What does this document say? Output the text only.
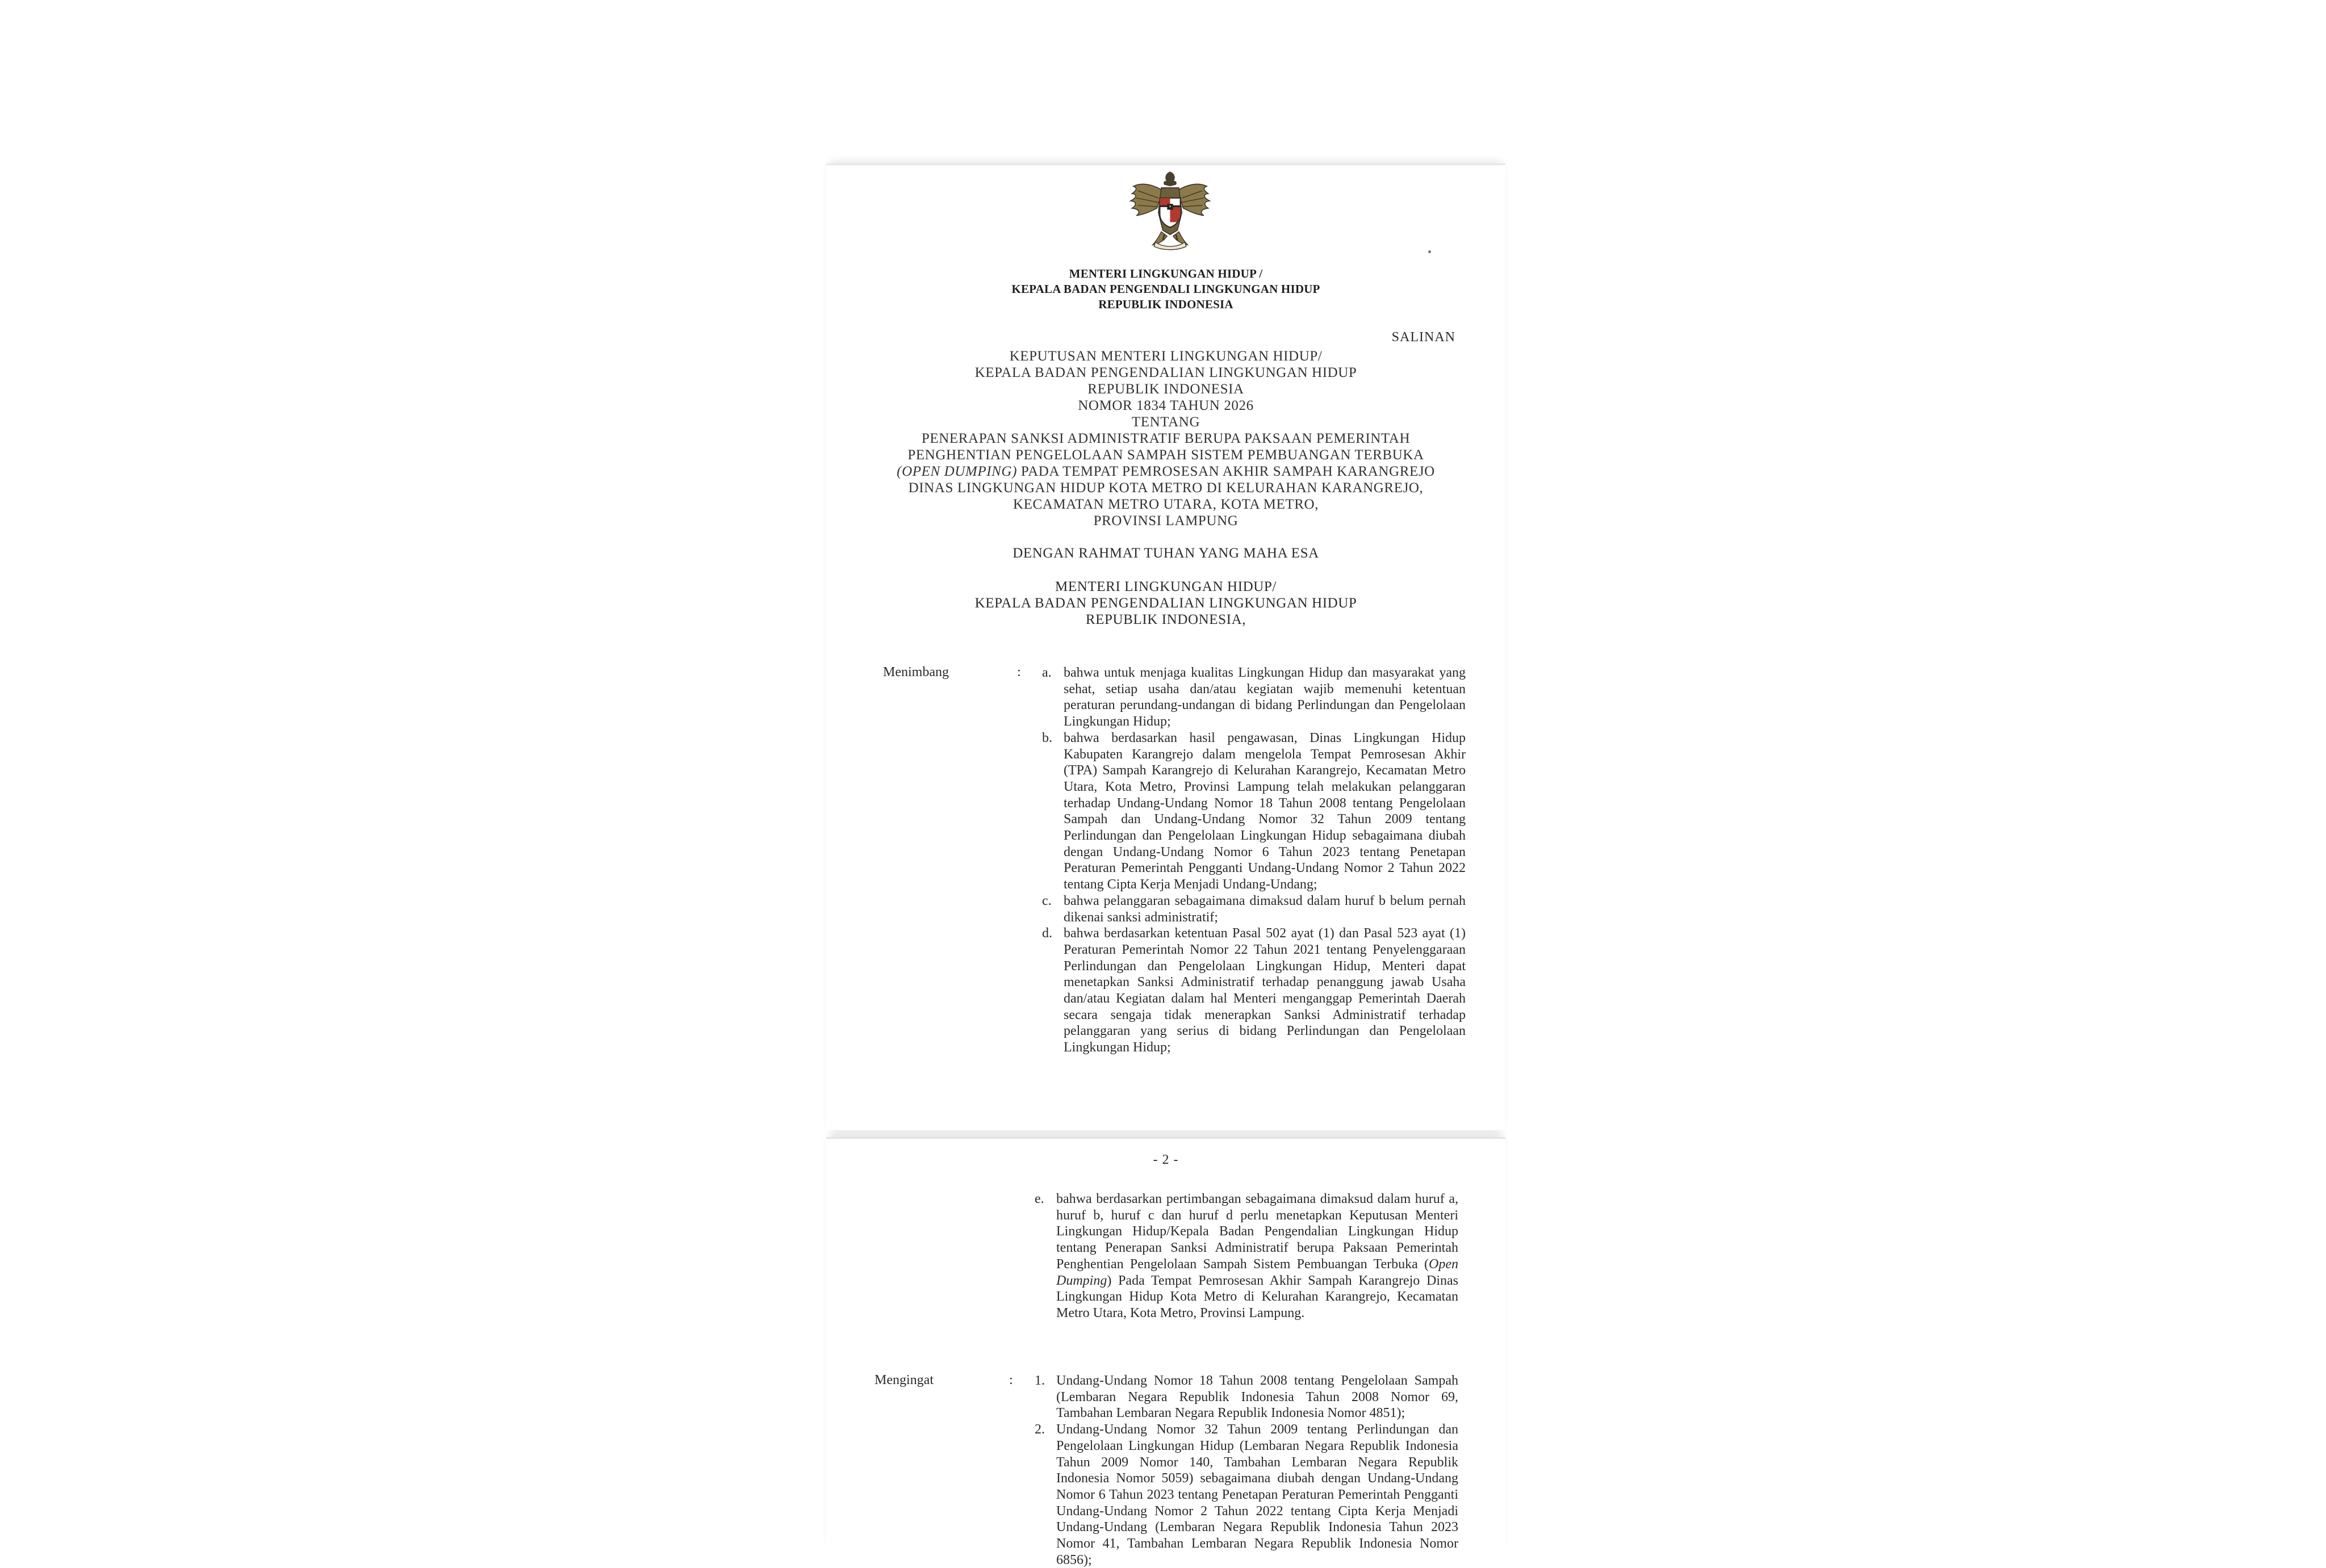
MENTERI LINGKUNGAN HIDUP /
KEPALA BADAN PENGENDALI LINGKUNGAN HIDUP
REPUBLIK INDONESIA
SALINAN
KEPUTUSAN MENTERI LINGKUNGAN HIDUP/
KEPALA BADAN PENGENDALIAN LINGKUNGAN HIDUP
REPUBLIK INDONESIA
NOMOR 1834 TAHUN 2026
TENTANG
PENERAPAN SANKSI ADMINISTRATIF BERUPA PAKSAAN PEMERINTAH
PENGHENTIAN PENGELOLAAN SAMPAH SISTEM PEMBUANGAN TERBUKA
(OPEN DUMPING) PADA TEMPAT PEMROSESAN AKHIR SAMPAH KARANGREJO
DINAS LINGKUNGAN HIDUP KOTA METRO DI KELURAHAN KARANGREJO,
KECAMATAN METRO UTARA, KOTA METRO,
PROVINSI LAMPUNG
DENGAN RAHMAT TUHAN YANG MAHA ESA
MENTERI LINGKUNGAN HIDUP/
KEPALA BADAN PENGENDALIAN LINGKUNGAN HIDUP
REPUBLIK INDONESIA,
Menimbang	: a. bahwa untuk menjaga kualitas Lingkungan Hidup dan masyarakat yang sehat, setiap usaha dan/atau kegiatan wajib memenuhi ketentuan peraturan perundang-undangan di bidang Perlindungan dan Pengelolaan Lingkungan Hidup;
b. bahwa berdasarkan hasil pengawasan, Dinas Lingkungan Hidup Kabupaten Karangrejo dalam mengelola Tempat Pemrosesan Akhir (TPA) Sampah Karangrejo di Kelurahan Karangrejo, Kecamatan Metro Utara, Kota Metro, Provinsi Lampung telah melakukan pelanggaran terhadap Undang-Undang Nomor 18 Tahun 2008 tentang Pengelolaan Sampah dan Undang-Undang Nomor 32 Tahun 2009 tentang Perlindungan dan Pengelolaan Lingkungan Hidup sebagaimana diubah dengan Undang-Undang Nomor 6 Tahun 2023 tentang Penetapan Peraturan Pemerintah Pengganti Undang-Undang Nomor 2 Tahun 2022 tentang Cipta Kerja Menjadi Undang-Undang;
c. bahwa pelanggaran sebagaimana dimaksud dalam huruf b belum pernah dikenai sanksi administratif;
d. bahwa berdasarkan ketentuan Pasal 502 ayat (1) dan Pasal 523 ayat (1) Peraturan Pemerintah Nomor 22 Tahun 2021 tentang Penyelenggaraan Perlindungan dan Pengelolaan Lingkungan Hidup, Menteri dapat menetapkan Sanksi Administratif terhadap penanggung jawab Usaha dan/atau Kegiatan dalam hal Menteri menganggap Pemerintah Daerah secara sengaja tidak menerapkan Sanksi Administratif terhadap pelanggaran yang serius di bidang Perlindungan dan Pengelolaan Lingkungan Hidup;
- 2 -
e. bahwa berdasarkan pertimbangan sebagaimana dimaksud dalam huruf a, huruf b, huruf c dan huruf d perlu menetapkan Keputusan Menteri Lingkungan Hidup/Kepala Badan Pengendalian Lingkungan Hidup tentang Penerapan Sanksi Administratif berupa Paksaan Pemerintah Penghentian Pengelolaan Sampah Sistem Pembuangan Terbuka (Open Dumping) Pada Tempat Pemrosesan Akhir Sampah Karangrejo Dinas Lingkungan Hidup Kota Metro di Kelurahan Karangrejo, Kecamatan Metro Utara, Kota Metro, Provinsi Lampung.
Mengingat	: 1. Undang-Undang Nomor 18 Tahun 2008 tentang Pengelolaan Sampah (Lembaran Negara Republik Indonesia Tahun 2008 Nomor 69, Tambahan Lembaran Negara Republik Indonesia Nomor 4851);
2. Undang-Undang Nomor 32 Tahun 2009 tentang Perlindungan dan Pengelolaan Lingkungan Hidup (Lembaran Negara Republik Indonesia Tahun 2009 Nomor 140, Tambahan Lembaran Negara Republik Indonesia Nomor 5059) sebagaimana diubah dengan Undang-Undang Nomor 6 Tahun 2023 tentang Penetapan Peraturan Pemerintah Pengganti Undang-Undang Nomor 2 Tahun 2022 tentang Cipta Kerja Menjadi Undang-Undang (Lembaran Negara Republik Indonesia Tahun 2023 Nomor 41, Tambahan Lembaran Negara Republik Indonesia Nomor 6856);
